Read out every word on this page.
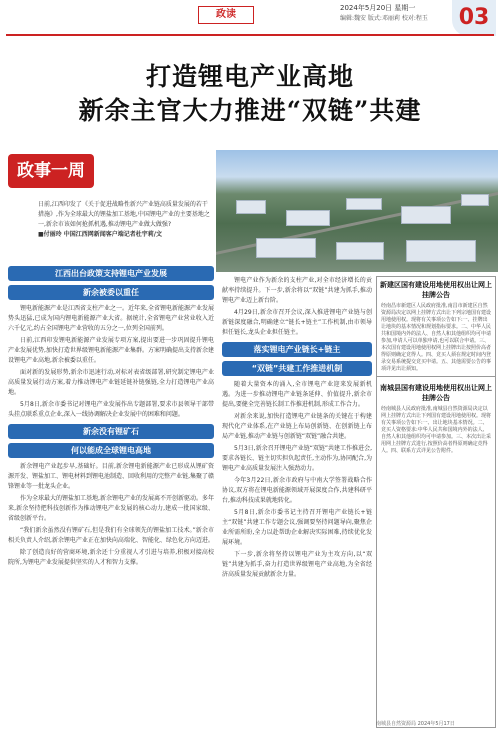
政读
2024年5月20日 星期一
编辑:魏安 版式:邓丽莉 校对:程玉	03
打造锂电产业高地
新余主官大力推进“双链”共建
政事一周
日前,江西印发了《关于促进战略性新兴产业链高质量发展的若干措施》,作为全球最大的锂盐加工基地,中国锂电产业的主要基地之一,新余市该如何抢抓机遇,推动锂电产业做大做强?
■付丽玲 中国江西网新闻客户端记者杜宇莉/文
江西出台政策支持锂电产业发展
新余被委以重任

锂电新能源产业是江西省支柱产业之一。近年来,全省锂电新能源产业发展势头迅猛,已成为国内锂电新能源产业大省。据统计,全省锂电产业营业收入近六千亿元,约占全国锂电产业营收的五分之一,位列全国前列。

日前,江西印发锂电新能源产业发展专项方案,提出要进一步巩固提升锂电产业发展优势,加快打造世界级锂电新能源产业集群。方案明确提出支持新余建设锂电产业高地,新余被委以重任。

面对新的发展形势,新余市迅速行动,对标对表省级部署,研究制定锂电产业高质量发展行动方案,着力推动锂电产业链延链补链强链,全力打造锂电产业高地。

5月8日,新余市委书记对锂电产业发展作出专题部署,要求市县领导干部带头挂点联系重点企业,深入一线协调解决企业发展中的困难和问题。

新余没有锂矿石
何以能成全球锂电高地

新余锂电产业起步早,基础好。目前,新余锂电新能源产业已形成从锂矿资源开发、锂盐加工、锂电材料到锂电池制造、回收利用的完整产业链,集聚了赣锋锂业等一批龙头企业。

作为全球最大的锂盐加工基地,新余锂电产业的发展离不开创新驱动。多年来,新余坚持把科技创新作为推动锂电产业发展的核心动力,建成一批国家级、省级创新平台。

“我们新余虽然没有锂矿石,但是我们有全球领先的锂盐加工技术。”新余市相关负责人介绍,新余锂电产业正在加快向高端化、智能化、绿色化方向迈进。

除了创造良好的营商环境,新余还十分重视人才引进与培养,积极对接高校院所,为锂电产业发展提供坚实的人才和智力支撑。

锂电产业作为新余的支柱产业,对全市经济增长的贡献率持续提升。下一步,新余将以“双链”共建为抓手,推动锂电产业迈上新台阶。

4月29日,新余市召开会议,深入推进锂电产业链与创新链深度融合,明确建立“链长+链主”工作机制,由市领导担任链长,龙头企业担任链主。

落实锂电产业链长+链主
“双链”共建工作推进机制

随着大量资本的涌入,全市锂电产业迎来发展新机遇。为进一步推动锂电产业链条延伸、价值提升,新余市提出,要健全完善链长制工作推进机制,形成工作合力。

对新余来说,加快打造锂电产业链条的关键在于构建现代化产业体系,在产业链上布局创新链、在创新链上布局产业链,推动产业链与创新链“双链”融合共建。

5月3日,新余召开锂电产业链“双链”共建工作推进会,要求各链长、链主切实担负起责任,主动作为,协同配合,为锂电产业高质量发展注入强劲动力。

今年3月22日,新余市政府与中南大学签署战略合作协议,双方将在锂电新能源领域开展深度合作,共建科研平台,推动科技成果就地转化。

5月8日,新余市委书记主持召开锂电产业链长+链主“双链”共建工作专题会议,强调要坚持问题导向,聚焦企业所需所盼,全力以赴帮助企业解决实际困难,持续优化发展环境。

下一步,新余将坚持以锂电产业为主攻方向,以“双链”共建为抓手,奋力打造世界级锂电产业高地,为全省经济高质量发展贡献新余力量。

新建区国有建设用地使用权出让网上挂牌公告
经南昌市新建区人民政府批准,南昌市新建区自然资源局决定以网上挂牌方式出让下列宗地国有建设用地使用权。现将有关事项公告如下:一、挂牌出让地块的基本情况和规划指标要求。二、中华人民共和国境内外的法人、自然人和其他组织均可申请参加,申请人可以单独申请,也可以联合申请。三、本次国有建设用地使用权网上挂牌出让按照价高者得原则确定竞得人。四、竞买人须在规定时间内登录交易系统提交竞买申请。五、其他需要公告的事项详见出让须知。
南城县国有建设用地使用权出让网上挂牌公告
经南城县人民政府批准,南城县自然资源局决定以网上挂牌方式出让下列国有建设用地使用权。现将有关事项公告如下:一、出让地块基本情况。二、竞买人资格要求:中华人民共和国境内外的法人、自然人和其他组织均可申请参加。三、本次出让采用网上挂牌方式进行,按照价高者得原则确定竞得人。四、联系方式详见公告附件。
南城县自然资源局 2024年5月17日
